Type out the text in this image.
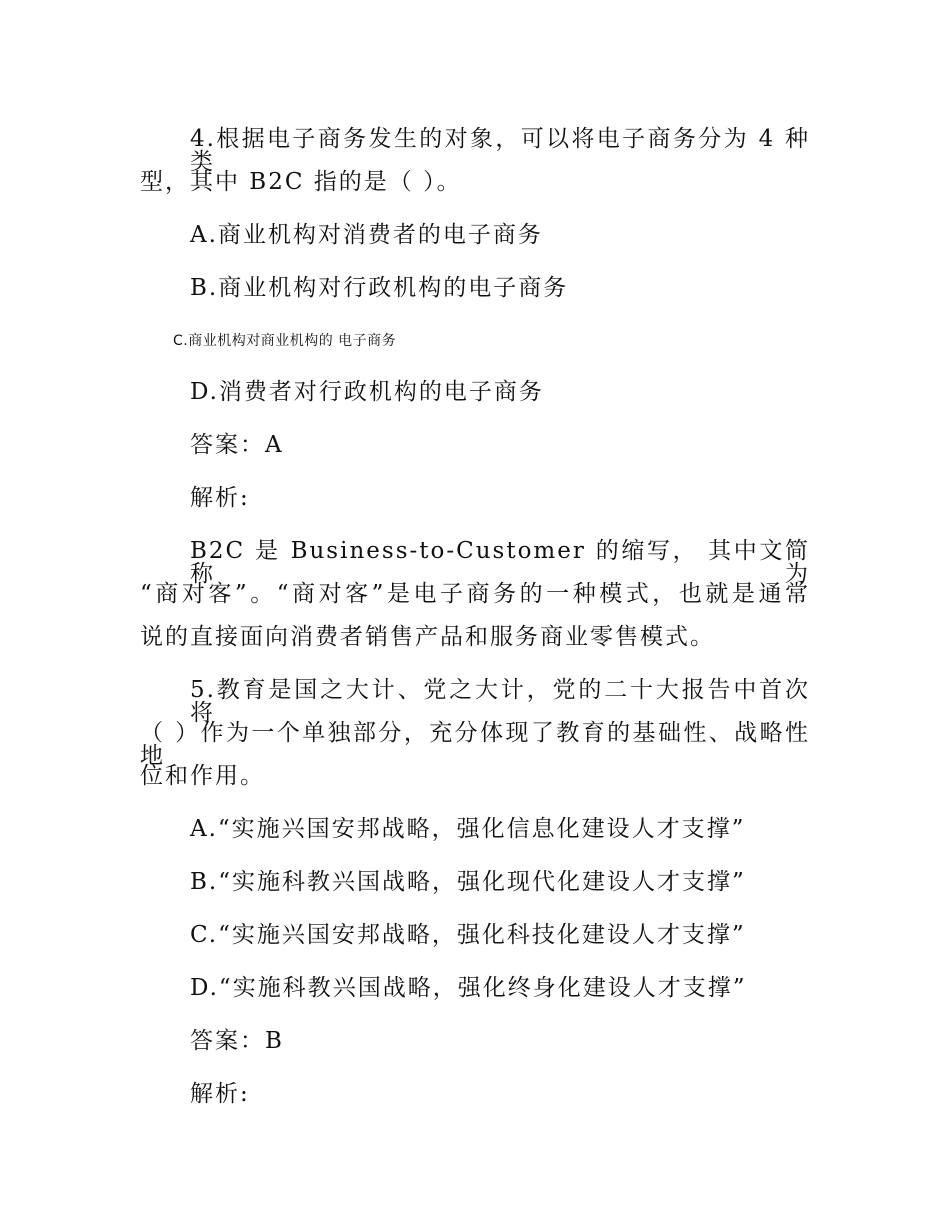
4.根据电子商务发生的对象，可以将电子商务分为 4 种类
型，其中 B2C 指的是（ ）。
A.商业机构对消费者的电子商务
B.商业机构对行政机构的电子商务
C.商业机构对商业机构的 电子商务
D.消费者对行政机构的电子商务
答案：A
解析:
B2C 是 Business-to-Customer 的缩写， 其中文简称为
“商对客”。“商对客”是电子商务的一种模式，也就是通常
说的直接面向消费者销售产品和服务商业零售模式。
5.教育是国之大计、党之大计，党的二十大报告中首次将
（ ）作为一个单独部分，充分体现了教育的基础性、战略性地
位和作用。
A.“实施兴国安邦战略，强化信息化建设人才支撑”
B.“实施科教兴国战略，强化现代化建设人才支撑”
C.“实施兴国安邦战略，强化科技化建设人才支撑”
D.“实施科教兴国战略，强化终身化建设人才支撑”
答案：B
解析:
